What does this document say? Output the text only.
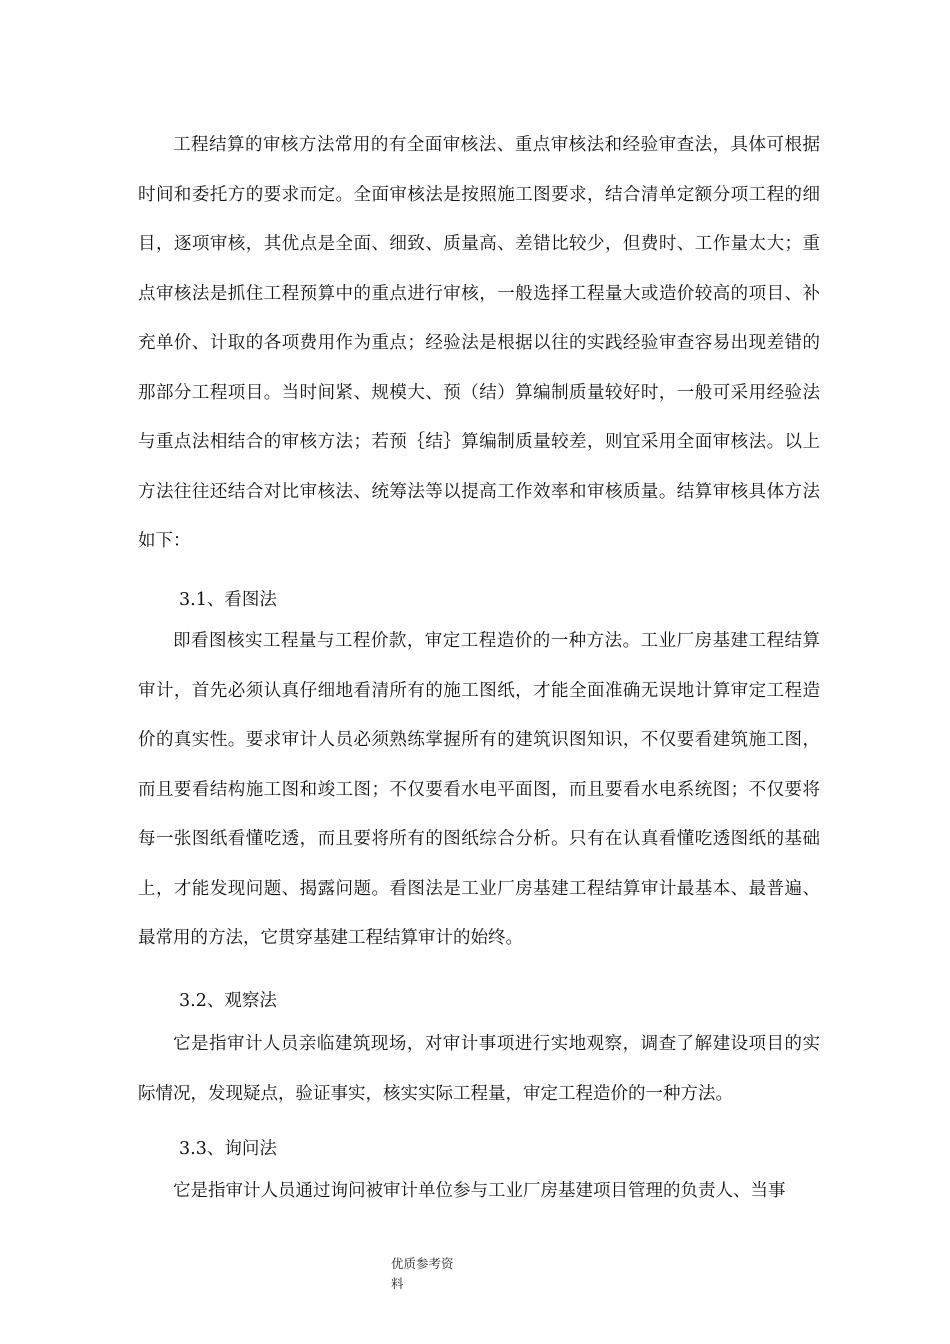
工程结算的审核方法常用的有全面审核法、重点审核法和经验审查法，具体可根据时间和委托方的要求而定。全面审核法是按照施工图要求，结合清单定额分项工程的细目，逐项审核，其优点是全面、细致、质量高、差错比较少，但费时、工作量太大；重点审核法是抓住工程预算中的重点进行审核，一般选择工程量大或造价较高的项目、补充单价、计取的各项费用作为重点；经验法是根据以往的实践经验审查容易出现差错的那部分工程项目。当时间紧、规模大、预（结）算编制质量较好时，一般可采用经验法与重点法相结合的审核方法；若预｛结｝算编制质量较差，则宜采用全面审核法。以上方法往往还结合对比审核法、统筹法等以提高工作效率和审核质量。结算审核具体方法如下：

3.1、看图法

即看图核实工程量与工程价款，审定工程造价的一种方法。工业厂房基建工程结算审计，首先必须认真仔细地看清所有的施工图纸，才能全面准确无误地计算审定工程造价的真实性。要求审计人员必须熟练掌握所有的建筑识图知识，不仅要看建筑施工图，而且要看结构施工图和竣工图；不仅要看水电平面图，而且要看水电系统图；不仅要将每一张图纸看懂吃透，而且要将所有的图纸综合分析。只有在认真看懂吃透图纸的基础上，才能发现问题、揭露问题。看图法是工业厂房基建工程结算审计最基本、最普遍、最常用的方法，它贯穿基建工程结算审计的始终。

3.2、观察法

它是指审计人员亲临建筑现场，对审计事项进行实地观察，调查了解建设项目的实际情况，发现疑点，验证事实，核实实际工程量，审定工程造价的一种方法。

3.3、询问法

它是指审计人员通过询问被审计单位参与工业厂房基建项目管理的负责人、当事

优质参考资
料
